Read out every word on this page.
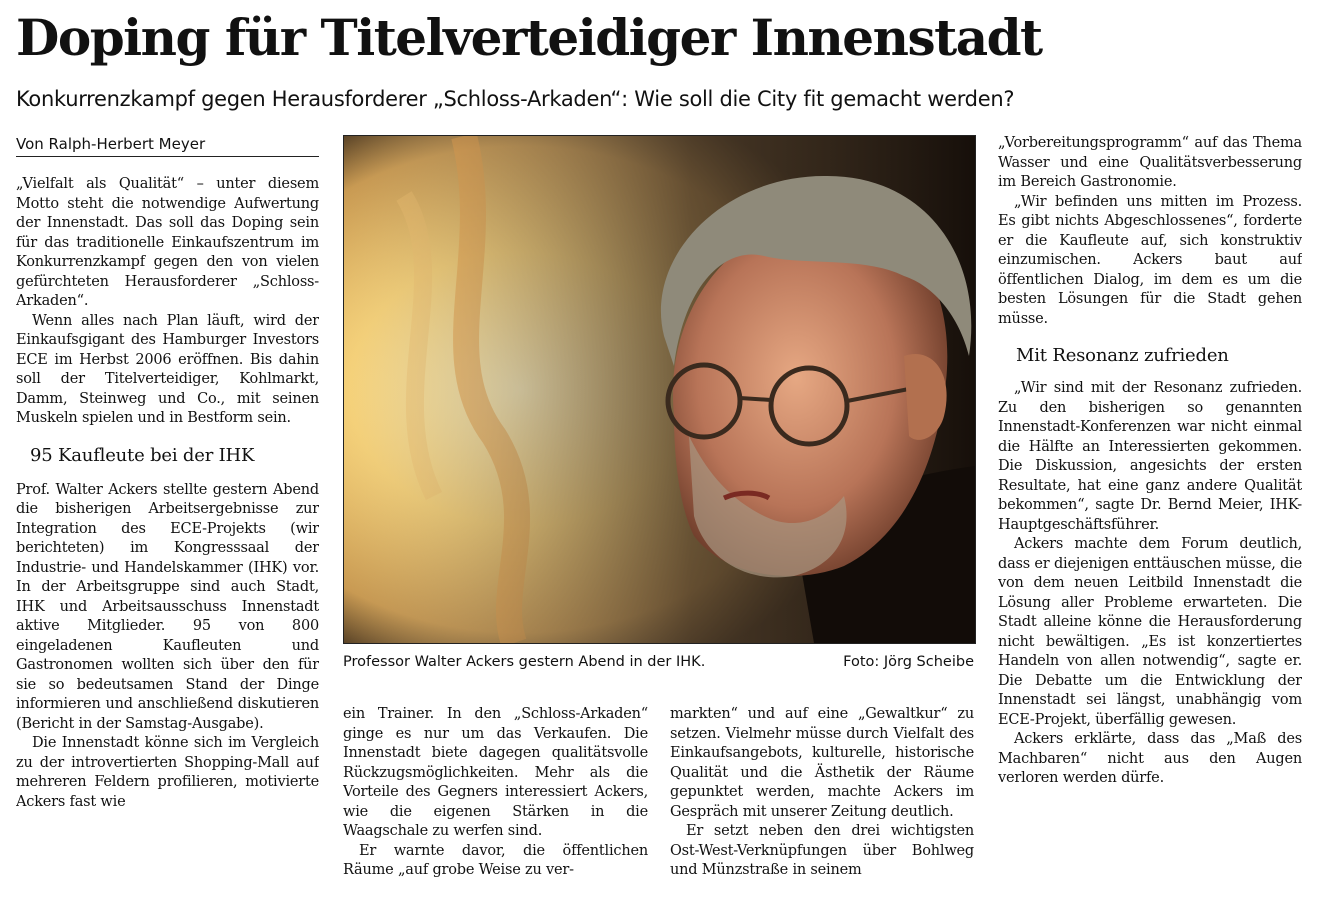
Doping für Titelverteidiger Innenstadt
Konkurrenzkampf gegen Herausforderer „Schloss-Arkaden“: Wie soll die City fit gemacht werden?
Von Ralph-Herbert Meyer

„Vielfalt als Qualität“ – unter diesem Motto steht die notwendige Aufwertung der Innenstadt. Das soll das Doping sein für das traditionelle Einkaufszentrum im Konkurrenzkampf gegen den von vielen gefürchteten Herausforderer „Schloss-Arkaden“.

Wenn alles nach Plan läuft, wird der Einkaufsgigant des Hamburger Investors ECE im Herbst 2006 eröffnen. Bis dahin soll der Titelverteidiger, Kohlmarkt, Damm, Steinweg und Co., mit seinen Muskeln spielen und in Bestform sein.

95 Kaufleute bei der IHK

Prof. Walter Ackers stellte gestern Abend die bisherigen Arbeitsergebnisse zur Integration des ECE-Projekts (wir berichteten) im Kongresssaal der Industrie- und Handelskammer (IHK) vor. In der Arbeitsgruppe sind auch Stadt, IHK und Arbeitsausschuss Innenstadt aktive Mitglieder. 95 von 800 eingeladenen Kaufleuten und Gastronomen wollten sich über den für sie so bedeutsamen Stand der Dinge informieren und anschließend diskutieren (Bericht in der Samstag-Ausgabe).

Die Innenstadt könne sich im Vergleich zu der introvertierten Shopping-Mall auf mehreren Feldern profilieren, motivierte Ackers fast wie

Professor Walter Ackers gestern Abend in der IHK.	Foto: Jörg Scheibe

ein Trainer. In den „Schloss-Arkaden“ ginge es nur um das Verkaufen. Die Innenstadt biete dagegen qualitätsvolle Rückzugsmöglichkeiten. Mehr als die Vorteile des Gegners interessiert Ackers, wie die eigenen Stärken in die Waagschale zu werfen sind.

Er warnte davor, die öffentlichen Räume „auf grobe Weise zu ver-

markten“ und auf eine „Gewaltkur“ zu setzen. Vielmehr müsse durch Vielfalt des Einkaufsangebots, kulturelle, historische Qualität und die Ästhetik der Räume gepunktet werden, machte Ackers im Gespräch mit unserer Zeitung deutlich.

Er setzt neben den drei wichtigsten Ost-West-Verknüpfungen über Bohlweg und Münzstraße in seinem

„Vorbereitungsprogramm“ auf das Thema Wasser und eine Qualitätsverbesserung im Bereich Gastronomie.

„Wir befinden uns mitten im Prozess. Es gibt nichts Abgeschlossenes“, forderte er die Kaufleute auf, sich konstruktiv einzumischen. Ackers baut auf öffentlichen Dialog, im dem es um die besten Lösungen für die Stadt gehen müsse.

Mit Resonanz zufrieden

„Wir sind mit der Resonanz zufrieden. Zu den bisherigen so genannten Innenstadt-Konferenzen war nicht einmal die Hälfte an Interessierten gekommen. Die Diskussion, angesichts der ersten Resultate, hat eine ganz andere Qualität bekommen“, sagte Dr. Bernd Meier, IHK-Hauptgeschäftsführer.

Ackers machte dem Forum deutlich, dass er diejenigen enttäuschen müsse, die von dem neuen Leitbild Innenstadt die Lösung aller Probleme erwarteten. Die Stadt alleine könne die Herausforderung nicht bewältigen. „Es ist konzertiertes Handeln von allen notwendig“, sagte er. Die Debatte um die Entwicklung der Innenstadt sei längst, unabhängig vom ECE-Projekt, überfällig gewesen.

Ackers erklärte, dass das „Maß des Machbaren“ nicht aus den Augen verloren werden dürfe.
